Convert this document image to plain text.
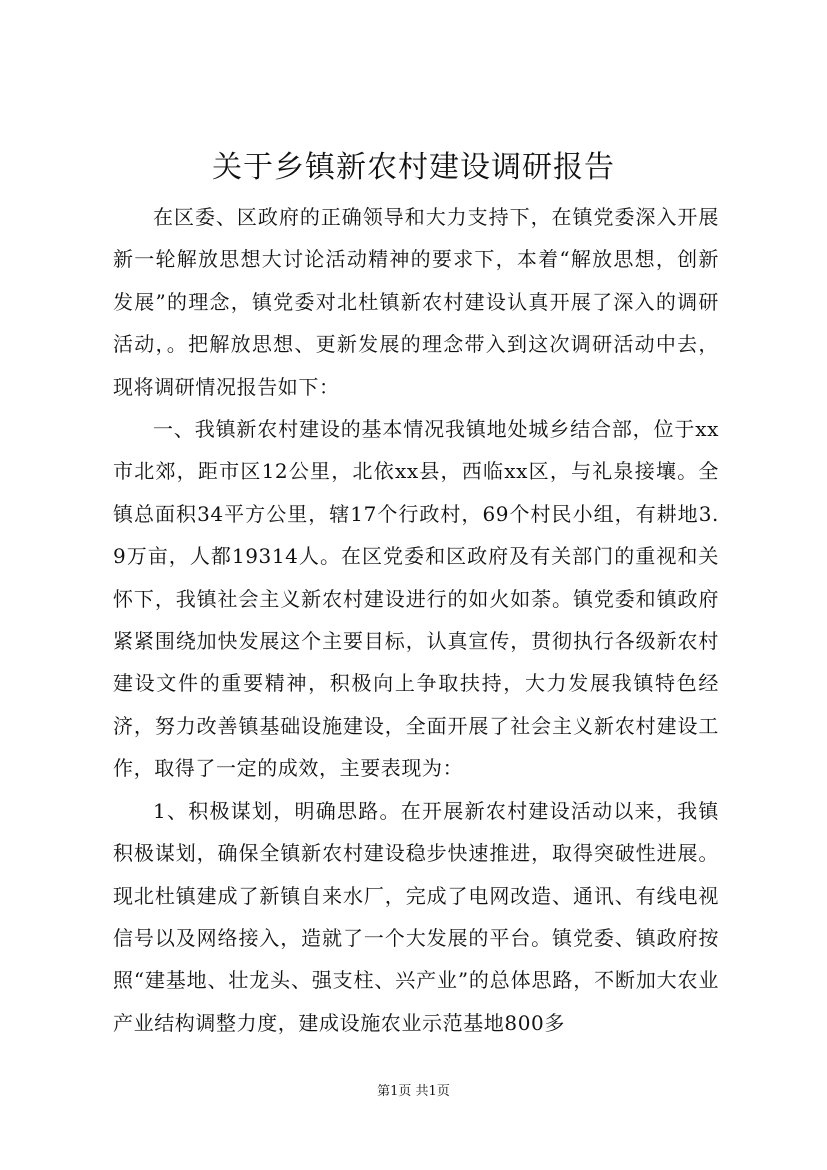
关于乡镇新农村建设调研报告

在区委、区政府的正确领导和大力支持下，在镇党委深入开展新一轮解放思想大讨论活动精神的要求下，本着“解放思想，创新发展”的理念，镇党委对北杜镇新农村建设认真开展了深入的调研活动，。把解放思想、更新发展的理念带入到这次调研活动中去，现将调研情况报告如下：

一、我镇新农村建设的基本情况我镇地处城乡结合部，位于xx市北郊，距市区12公里，北依xx县，西临xx区，与礼泉接壤。全镇总面积34平方公里，辖17个行政村，69个村民小组，有耕地3.9万亩，人都19314人。在区党委和区政府及有关部门的重视和关怀下，我镇社会主义新农村建设进行的如火如荼。镇党委和镇政府紧紧围绕加快发展这个主要目标，认真宣传，贯彻执行各级新农村建设文件的重要精神，积极向上争取扶持，大力发展我镇特色经济，努力改善镇基础设施建设，全面开展了社会主义新农村建设工作，取得了一定的成效，主要表现为：

1、积极谋划，明确思路。在开展新农村建设活动以来，我镇积极谋划，确保全镇新农村建设稳步快速推进，取得突破性进展。现北杜镇建成了新镇自来水厂，完成了电网改造、通讯、有线电视信号以及网络接入，造就了一个大发展的平台。镇党委、镇政府按照“建基地、壮龙头、强支柱、兴产业”的总体思路，不断加大农业产业结构调整力度，建成设施农业示范基地800多

第1页 共1页
